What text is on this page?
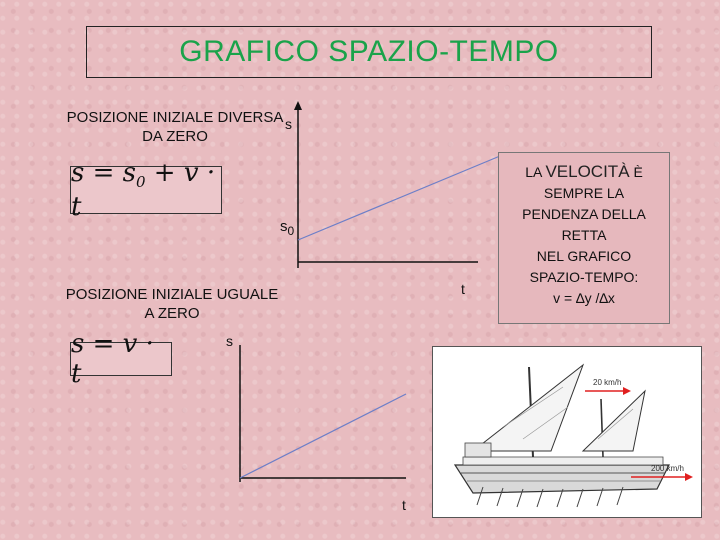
GRAFICO SPAZIO-TEMPO
POSIZIONE INIZIALE DIVERSA
DA ZERO
$s = s_0 + v \cdot t$
POSIZIONE INIZIALE UGUALE
A ZERO
s = v · t
s
t
$s_0$
s
t
LA VELOCITÀ È
SEMPRE LA
PENDENZA DELLA
RETTA
NEL GRAFICO
SPAZIO-TEMPO:
v = ∆y /∆x
20 km/h
200 km/h
